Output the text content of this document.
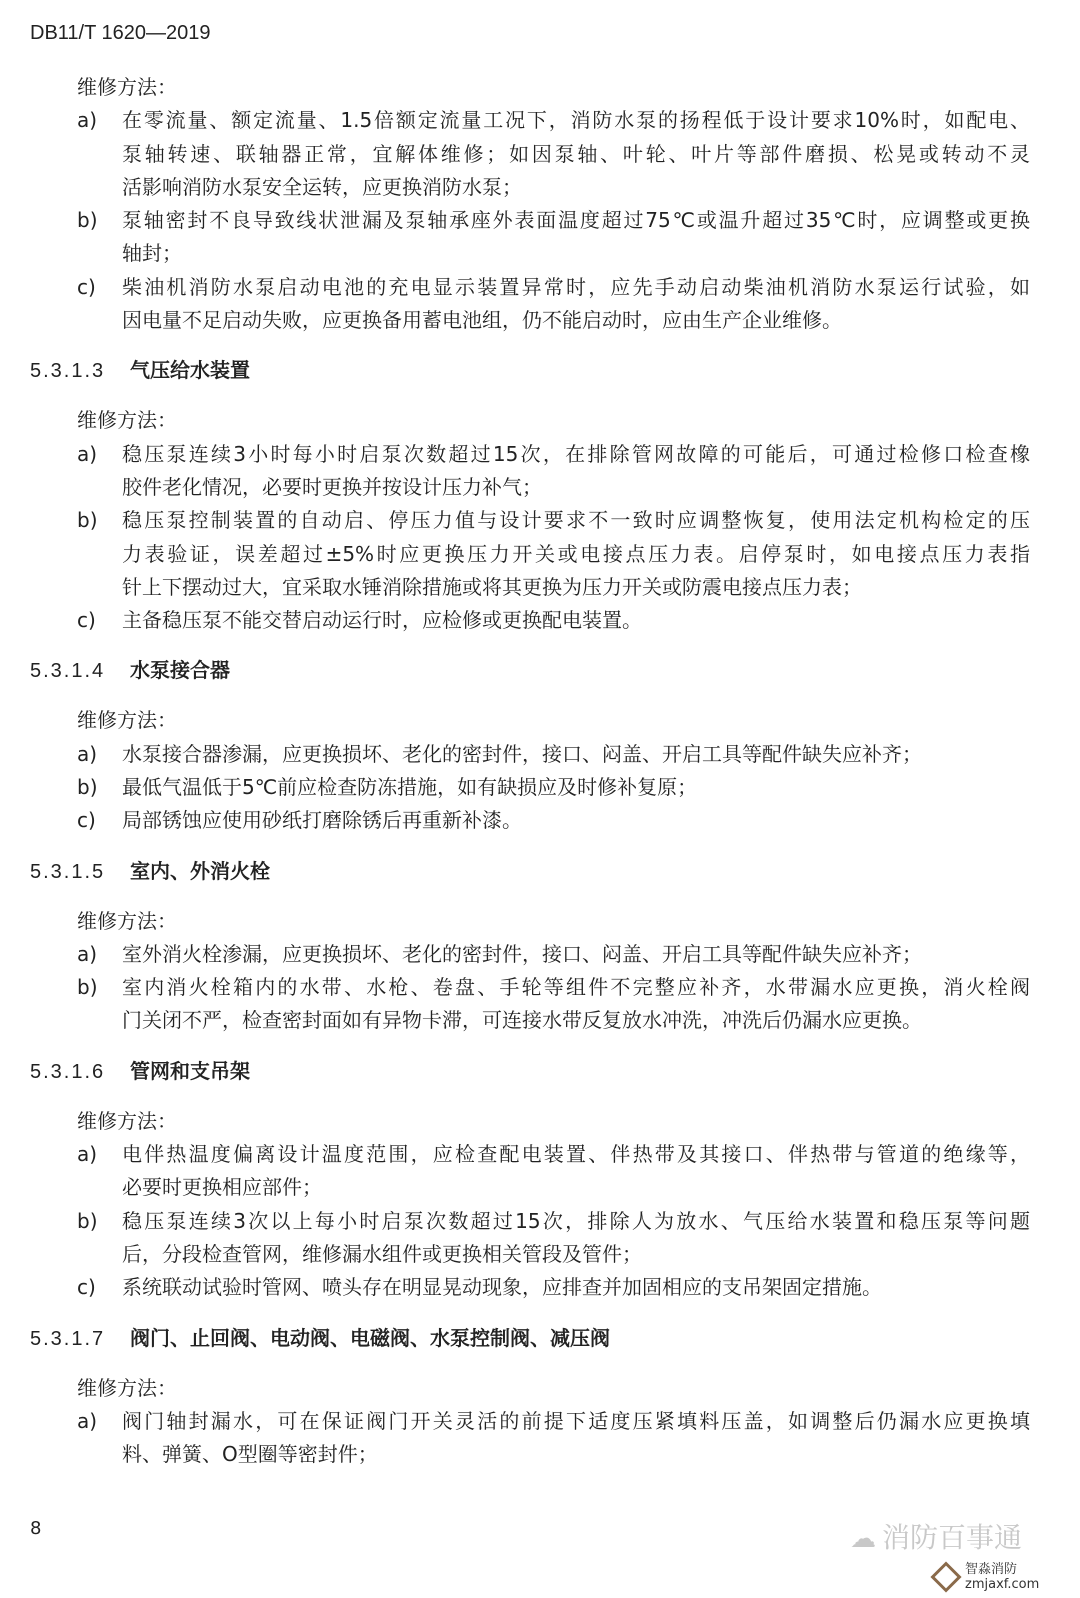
DB11/T 1620—2019
维修方法：
a)	在零流量、额定流量、1.5倍额定流量工况下，消防水泵的扬程低于设计要求10%时，如配电、
泵轴转速、联轴器正常，宜解体维修；如因泵轴、叶轮、叶片等部件磨损、松晃或转动不灵
活影响消防水泵安全运转，应更换消防水泵；
b)	泵轴密封不良导致线状泄漏及泵轴承座外表面温度超过75℃或温升超过35℃时，应调整或更换
轴封；
c)	柴油机消防水泵启动电池的充电显示装置异常时，应先手动启动柴油机消防水泵运行试验，如
因电量不足启动失败，应更换备用蓄电池组，仍不能启动时，应由生产企业维修。
5.3.1.3 气压给水装置
维修方法：
a)	稳压泵连续3小时每小时启泵次数超过15次，在排除管网故障的可能后，可通过检修口检查橡
胶件老化情况，必要时更换并按设计压力补气；
b)	稳压泵控制装置的自动启、停压力值与设计要求不一致时应调整恢复，使用法定机构检定的压
力表验证，误差超过±5%时应更换压力开关或电接点压力表。启停泵时，如电接点压力表指
针上下摆动过大，宜采取水锤消除措施或将其更换为压力开关或防震电接点压力表；
c)	主备稳压泵不能交替启动运行时，应检修或更换配电装置。
5.3.1.4 水泵接合器
维修方法：
a)	水泵接合器渗漏，应更换损坏、老化的密封件，接口、闷盖、开启工具等配件缺失应补齐；
b)	最低气温低于5℃前应检查防冻措施，如有缺损应及时修补复原；
c)	局部锈蚀应使用砂纸打磨除锈后再重新补漆。
5.3.1.5 室内、外消火栓
维修方法：
a)	室外消火栓渗漏，应更换损坏、老化的密封件，接口、闷盖、开启工具等配件缺失应补齐；
b)	室内消火栓箱内的水带、水枪、卷盘、手轮等组件不完整应补齐，水带漏水应更换，消火栓阀
门关闭不严，检查密封面如有异物卡滞，可连接水带反复放水冲洗，冲洗后仍漏水应更换。
5.3.1.6 管网和支吊架
维修方法：
a)	电伴热温度偏离设计温度范围，应检查配电装置、伴热带及其接口、伴热带与管道的绝缘等，
必要时更换相应部件；
b)	稳压泵连续3次以上每小时启泵次数超过15次，排除人为放水、气压给水装置和稳压泵等问题
后，分段检查管网，维修漏水组件或更换相关管段及管件；
c)	系统联动试验时管网、喷头存在明显晃动现象，应排查并加固相应的支吊架固定措施。
5.3.1.7 阀门、止回阀、电动阀、电磁阀、水泵控制阀、减压阀
维修方法：
a)	阀门轴封漏水，可在保证阀门开关灵活的前提下适度压紧填料压盖，如调整后仍漏水应更换填
料、弹簧、O型圈等密封件；
8	☁ 消防百事通
智淼消防
zmjaxf.com
